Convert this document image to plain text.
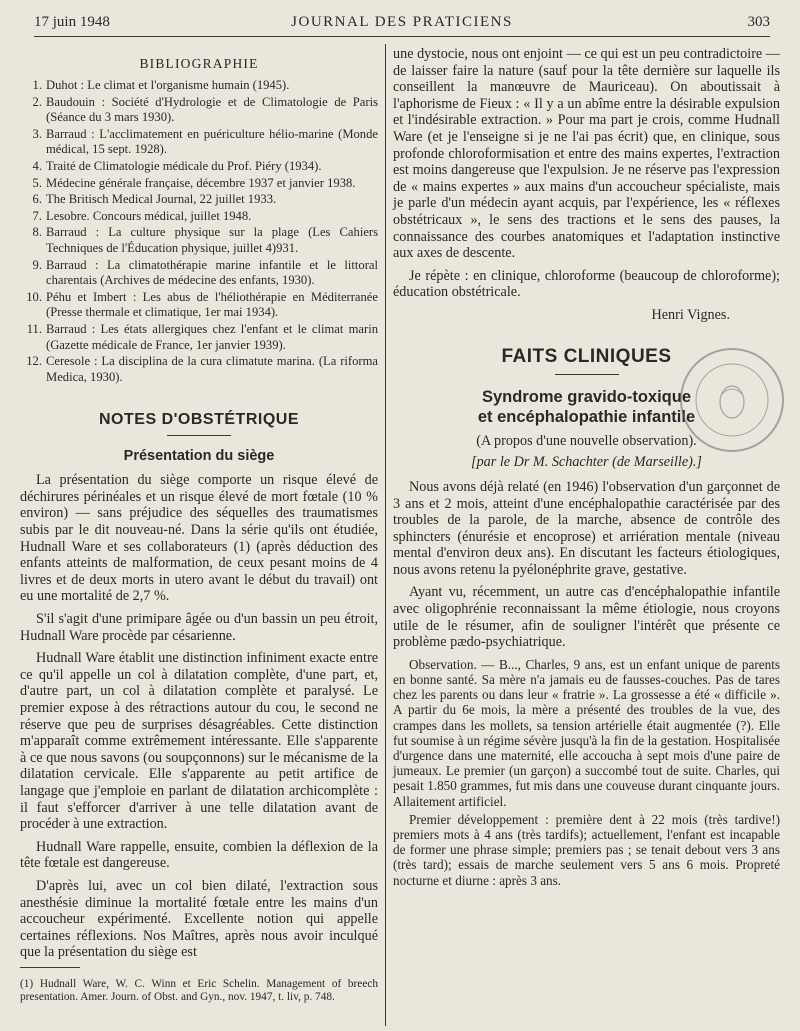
17 juin 1948	JOURNAL DES PRATICIENS	303
BIBLIOGRAPHIE
1. Duhot : Le climat et l'organisme humain (1945).
2. Baudouin : Société d'Hydrologie et de Climatologie de Paris (Séance du 3 mars 1930).
3. Barraud : L'acclimatement en puériculture hélio-marine (Monde médical, 15 sept. 1928).
4. Traité de Climatologie médicale du Prof. Piéry (1934).
5. Médecine générale française, décembre 1937 et janvier 1938.
6. The Britisch Medical Journal, 22 juillet 1933.
7. Lesobre. Concours médical, juillet 1948.
8. Barraud : La culture physique sur la plage (Les Cahiers Techniques de l'Éducation physique, juillet 4)931.
9. Barraud : La climatothérapie marine infantile et le littoral charentais (Archives de médecine des enfants, 1930).
10. Péhu et Imbert : Les abus de l'héliothérapie en Méditerranée (Presse thermale et climatique, 1er mai 1934).
11. Barraud : Les états allergiques chez l'enfant et le climat marin (Gazette médicale de France, 1er janvier 1939).
12. Ceresole : La disciplina de la cura climatute marina. (La riforma Medica, 1930).
NOTES D'OBSTÉTRIQUE
Présentation du siège

La présentation du siège comporte un risque élevé de déchirures périnéales et un risque élevé de mort fœtale (10 % environ) — sans préjudice des séquelles des traumatismes subis par le dit nouveau-né. Dans la série qu'ils ont étudiée, Hudnall Ware et ses collaborateurs (1) (après déduction des enfants atteints de malformation, de ceux pesant moins de 4 livres et de deux morts in utero avant le début du travail) ont eu une mortalité de 2,7 %.

S'il s'agit d'une primipare âgée ou d'un bassin un peu étroit, Hudnall Ware procède par césarienne.

Hudnall Ware établit une distinction infiniment exacte entre ce qu'il appelle un col à dilatation complète, d'une part, et, d'autre part, un col à dilatation complète et paralysé. Le premier expose à des rétractions autour du cou, le second ne réserve que peu de surprises désagréables. Cette distinction m'apparaît comme extrêmement intéressante. Elle s'apparente à ce que nous savons (ou soupçonnons) sur le mécanisme de la dilatation cervicale. Elle s'apparente au petit artifice de langage que j'emploie en parlant de dilatation archicomplète : il faut s'efforcer d'arriver à une telle dilatation avant de procéder à une extraction.

Hudnall Ware rappelle, ensuite, combien la déflexion de la tête fœtale est dangereuse.

D'après lui, avec un col bien dilaté, l'extraction sous anesthésie diminue la mortalité fœtale entre les mains d'un accoucheur expérimenté. Excellente notion qui appelle certaines réflexions. Nos Maîtres, après nous avoir inculqué que la présentation du siège est

(1) Hudnall Ware, W. C. Winn et Eric Schelin. Management of breech presentation. Amer. Journ. of Obst. and Gyn., nov. 1947, t. liv, p. 748.

une dystocie, nous ont enjoint — ce qui est un peu contradictoire — de laisser faire la nature (sauf pour la tête dernière sur laquelle ils conseillent la manœuvre de Mauriceau). On aboutissait à l'aphorisme de Fieux : « Il y a un abîme entre la désirable expulsion et l'indésirable extraction. » Pour ma part je crois, comme Hudnall Ware (et je l'enseigne si je ne l'ai pas écrit) que, en clinique, sous profonde chloroformisation et entre des mains expertes, l'extraction est moins dangereuse que l'expulsion. Je ne réserve pas l'expression de « mains expertes » aux mains d'un accoucheur spécialiste, mais je parle d'un médecin ayant acquis, par l'expérience, les « réflexes obstétricaux », le sens des tractions et le sens des pauses, la connaissance des courbes anatomiques et l'adaptation instinctive aux axes de descente.

Je répète : en clinique, chloroforme (beaucoup de chloroforme); éducation obstétricale.

Henri Vignes.
FAITS CLINIQUES
Syndrome gravido-toxique
et encéphalopathie infantile
(A propos d'une nouvelle observation).
[par le Dr M. Schachter (de Marseille).]

Nous avons déjà relaté (en 1946) l'observation d'un garçonnet de 3 ans et 2 mois, atteint d'une encéphalopathie caractérisée par des troubles de la parole, de la marche, absence de contrôle des sphincters (énurésie et encoprose) et arriération mentale (niveau mental d'environ deux ans). En discutant les facteurs étiologiques, nous avons retenu la pyélonéphrite grave, gestative.

Ayant vu, récemment, un autre cas d'encéphalopathie infantile avec oligophrénie reconnaissant la même étiologie, nous croyons utile de le résumer, afin de souligner l'intérêt que présente ce problème pædo-psychiatrique.

Observation. — B..., Charles, 9 ans, est un enfant unique de parents en bonne santé. Sa mère n'a jamais eu de fausses-couches. Pas de tares chez les parents ou dans leur « fratrie ». La grossesse a été « difficile ». A partir du 6e mois, la mère a présenté des troubles de la vue, des crampes dans les mollets, sa tension artérielle était augmentée (?). Elle fut soumise à un régime sévère jusqu'à la fin de la gestation. Hospitalisée d'urgence dans une maternité, elle accoucha à sept mois d'une paire de jumeaux. Le premier (un garçon) a succombé tout de suite. Charles, qui pesait 1.850 grammes, fut mis dans une couveuse durant cinquante jours. Allaitement artificiel.

Premier développement : première dent à 22 mois (très tardive!) premiers mots à 4 ans (très tardifs); actuellement, l'enfant est incapable de former une phrase simple; premiers pas ; se tenait debout vers 3 ans (très tard); essais de marche seulement vers 5 ans 6 mois. Propreté nocturne et diurne : après 3 ans.
